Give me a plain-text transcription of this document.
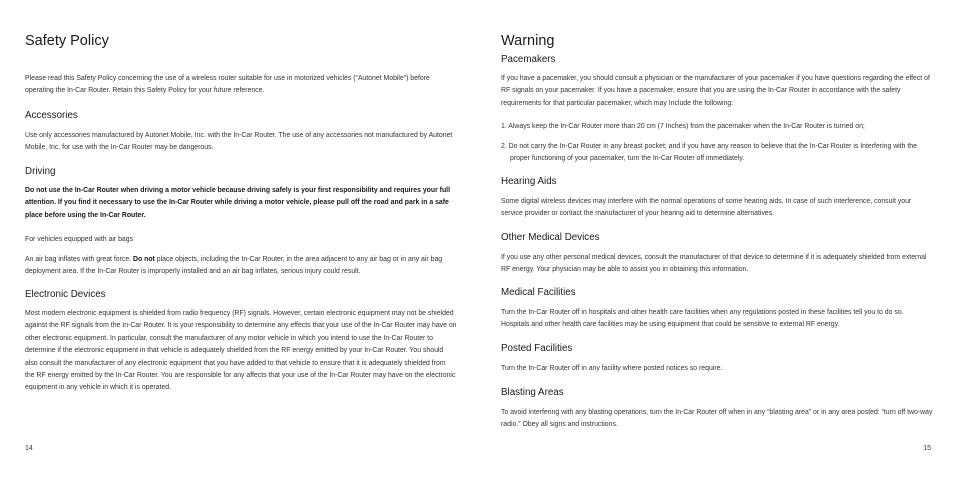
Safety Policy

Please read this Safety Policy concerning the use of a wireless router suitable for use in motorized vehicles (“Autonet Mobile”) before operating the In-Car Router. Retain this Safety Policy for your future reference.

Accessories

Use only accessories manufactured by Autonet Mobile, Inc. with the In-Car Router. The use of any accessories not manufactured by Autonet Mobile, Inc. for use with the In-Car Router may be dangerous.

Driving

Do not use the In-Car Router when driving a motor vehicle because driving safely is your first responsibility and requires your full attention. If you find it necessary to use the In-Car Router while driving a motor vehicle, please pull off the road and park in a safe place before using the In-Car Router.

For vehicles equipped with air bags

An air bag inflates with great force. Do not place objects, including the In-Car Router, in the area adjacent to any air bag or in any air bag deployment area. If the In-Car Router is improperly installed and an air bag inflates, serious injury could result.

Electronic Devices

Most modern electronic equipment is shielded from radio frequency (RF) signals. However, certain electronic equipment may not be shielded against the RF signals from the In-Car Router. It is your responsibility to determine any effects that your use of the In-Car Router may have on other electronic equipment. In particular, consult the manufacturer of any motor vehicle in which you intend to use the In-Car Router to determine if the electronic equipment in that vehicle is adequately shielded from the RF energy emitted by your In-Car Router. You should also consult the manufacturer of any electronic equipment that you have added to that vehicle to ensure that it is adequately shielded from the RF energy emitted by the In-Car Router. You are responsible for any affects that your use of the In-Car Router may have on the electronic equipment in any vehicle in which it is operated.

14
Warning
Pacemakers

If you have a pacemaker, you should consult a physician or the manufacturer of your pacemaker if you have questions regarding the effect of RF signals on your pacemaker. If you have a pacemaker, ensure that you are using the In-Car Router in accordance with the safety requirements for that particular pacemaker, which may Include the following:

1. Always keep the In-Car Router more than 20 cm (7 Inches) from the pacemaker when the In-Car Router is turned on;

2. Do not carry the In-Car Router in any breast pocket; and if you have any reason to believe that the In-Car Router is Interfering with the proper functioning of your pacemaker, turn the In-Car Router off immediately.

Hearing Aids

Some digital wireless devices may interfere with the normal operations of some hearing aids. In case of such interference, consult your service provider or contact the manufacturer of your hearing aid to determine alternatives.

Other Medical Devices

If you use any other personal medical devices, consult the manufacturer of that device to determine if it is adequately shielded from external RF energy. Your physician may be able to assist you in obtaining this information.

Medical Facilities

Turn the In-Car Router off in hospitals and other health care facilities when any regulations posted in these facilities tell you to do so. Hospitals and other health care facilities may be using equipment that could be sensitive to external RF energy.

Posted Facilities

Turn the In-Car Router off in any facility where posted notices so require.

Blasting Areas

To avoid interfering with any blasting operations, turn the In-Car Router off when in any “blasting area” or in any area posted: “turn off two-way radio.” Obey all signs and instructions.

15
